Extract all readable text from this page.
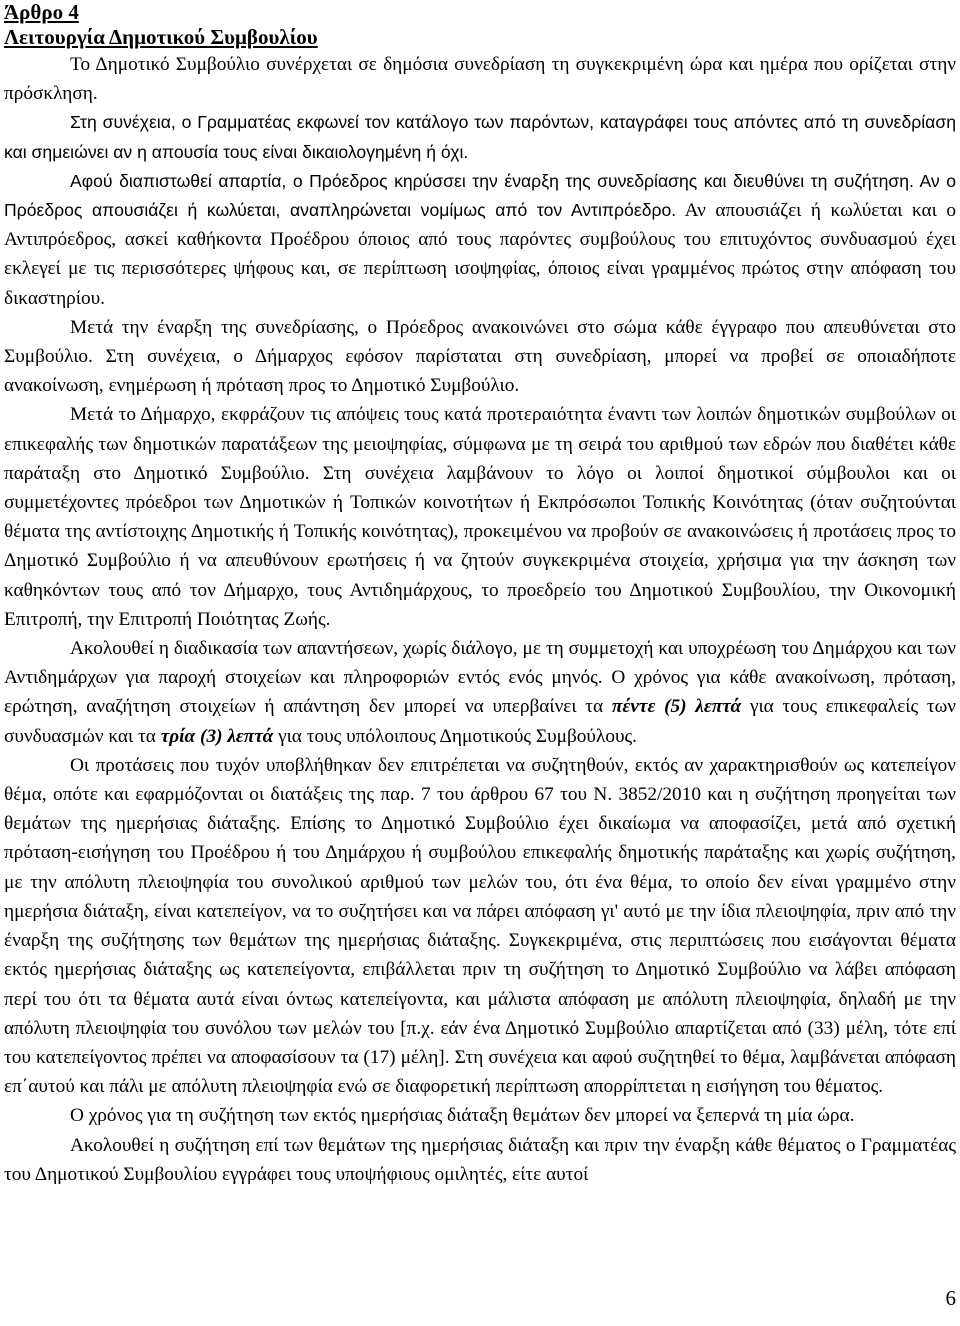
Άρθρο 4

Λειτουργία Δημοτικού Συμβουλίου

Το Δημοτικό Συμβούλιο συνέρχεται σε δημόσια συνεδρίαση τη συγκεκριμένη ώρα και ημέρα που ορίζεται στην πρόσκληση.

Στη συνέχεια, ο Γραμματέας εκφωνεί τον κατάλογο των παρόντων, καταγράφει τους απόντες από τη συνεδρίαση και σημειώνει αν η απουσία τους είναι δικαιολογημένη ή όχι.

Αφού διαπιστωθεί απαρτία, ο Πρόεδρος κηρύσσει την έναρξη της συνεδρίασης και διευθύνει τη συζήτηση. Αν ο Πρόεδρος απουσιάζει ή κωλύεται, αναπληρώνεται νομίμως από τον Αντιπρόεδρο. Αν απουσιάζει ή κωλύεται και ο Αντιπρόεδρος, ασκεί καθήκοντα Προέδρου όποιος από τους παρόντες συμβούλους του επιτυχόντος συνδυασμού έχει εκλεγεί με τις περισσότερες ψήφους και, σε περίπτωση ισοψηφίας, όποιος είναι γραμμένος πρώτος στην απόφαση του δικαστηρίου.

Μετά την έναρξη της συνεδρίασης, ο Πρόεδρος ανακοινώνει στο σώμα κάθε έγγραφο που απευθύνεται στο Συμβούλιο. Στη συνέχεια, ο Δήμαρχος εφόσον παρίσταται στη συνεδρίαση, μπορεί να προβεί σε οποιαδήποτε ανακοίνωση, ενημέρωση ή πρόταση προς το Δημοτικό Συμβούλιο.

Μετά το Δήμαρχο, εκφράζουν τις απόψεις τους κατά προτεραιότητα έναντι των λοιπών δημοτικών συμβούλων οι επικεφαλής των δημοτικών παρατάξεων της μειοψηφίας, σύμφωνα με τη σειρά του αριθμού των εδρών που διαθέτει κάθε παράταξη στο Δημοτικό Συμβούλιο. Στη συνέχεια λαμβάνουν το λόγο οι λοιποί δημοτικοί σύμβουλοι και οι συμμετέχοντες πρόεδροι των Δημοτικών ή Τοπικών κοινοτήτων ή Εκπρόσωποι Τοπικής Κοινότητας (όταν συζητούνται θέματα της αντίστοιχης Δημοτικής ή Τοπικής κοινότητας), προκειμένου να προβούν σε ανακοινώσεις ή προτάσεις προς το Δημοτικό Συμβούλιο ή να απευθύνουν ερωτήσεις ή να ζητούν συγκεκριμένα στοιχεία, χρήσιμα για την άσκηση των καθηκόντων τους από τον Δήμαρχο, τους Αντιδημάρχους, το προεδρείο του Δημοτικού Συμβουλίου, την Οικονομική Επιτροπή, την Επιτροπή Ποιότητας Ζωής.

Ακολουθεί η διαδικασία των απαντήσεων, χωρίς διάλογο, με τη συμμετοχή και υποχρέωση του Δημάρχου και των Αντιδημάρχων για παροχή στοιχείων και πληροφοριών εντός ενός μηνός. Ο χρόνος για κάθε ανακοίνωση, πρόταση, ερώτηση, αναζήτηση στοιχείων ή απάντηση δεν μπορεί να υπερβαίνει τα πέντε (5) λεπτά για τους επικεφαλείς των συνδυασμών και τα τρία (3) λεπτά για τους υπόλοιπους Δημοτικούς Συμβούλους.

Οι προτάσεις που τυχόν υποβλήθηκαν δεν επιτρέπεται να συζητηθούν, εκτός αν χαρακτηρισθούν ως κατεπείγον θέμα, οπότε και εφαρμόζονται οι διατάξεις της παρ. 7 του άρθρου 67 του Ν. 3852/2010 και η συζήτηση προηγείται των θεμάτων της ημερήσιας διάταξης. Επίσης το Δημοτικό Συμβούλιο έχει δικαίωμα να αποφασίζει, μετά από σχετική πρόταση-εισήγηση του Προέδρου ή του Δημάρχου ή συμβούλου επικεφαλής δημοτικής παράταξης και χωρίς συζήτηση, με την απόλυτη πλειοψηφία του συνολικού αριθμού των μελών του, ότι ένα θέμα, το οποίο δεν είναι γραμμένο στην ημερήσια διάταξη, είναι κατεπείγον, να το συζητήσει και να πάρει απόφαση γι' αυτό με την ίδια πλειοψηφία, πριν από την έναρξη της συζήτησης των θεμάτων της ημερήσιας διάταξης. Συγκεκριμένα, στις περιπτώσεις που εισάγονται θέματα εκτός ημερήσιας διάταξης ως κατεπείγοντα, επιβάλλεται πριν τη συζήτηση το Δημοτικό Συμβούλιο να λάβει απόφαση περί του ότι τα θέματα αυτά είναι όντως κατεπείγοντα, και μάλιστα απόφαση με απόλυτη πλειοψηφία, δηλαδή με την απόλυτη πλειοψηφία του συνόλου των μελών του [π.χ. εάν ένα Δημοτικό Συμβούλιο απαρτίζεται από (33) μέλη, τότε επί του κατεπείγοντος πρέπει να αποφασίσουν τα (17) μέλη]. Στη συνέχεια και αφού συζητηθεί το θέμα, λαμβάνεται απόφαση επ΄αυτού και πάλι με απόλυτη πλειοψηφία ενώ σε διαφορετική περίπτωση απορρίπτεται η εισήγηση του θέματος.

Ο χρόνος για τη συζήτηση των εκτός ημερήσιας διάταξη θεμάτων δεν μπορεί να ξεπερνά τη μία ώρα.

Ακολουθεί η συζήτηση επί των θεμάτων της ημερήσιας διάταξη και πριν την έναρξη κάθε θέματος ο Γραμματέας του Δημοτικού Συμβουλίου εγγράφει τους υποψήφιους ομιλητές, είτε αυτοί

6
